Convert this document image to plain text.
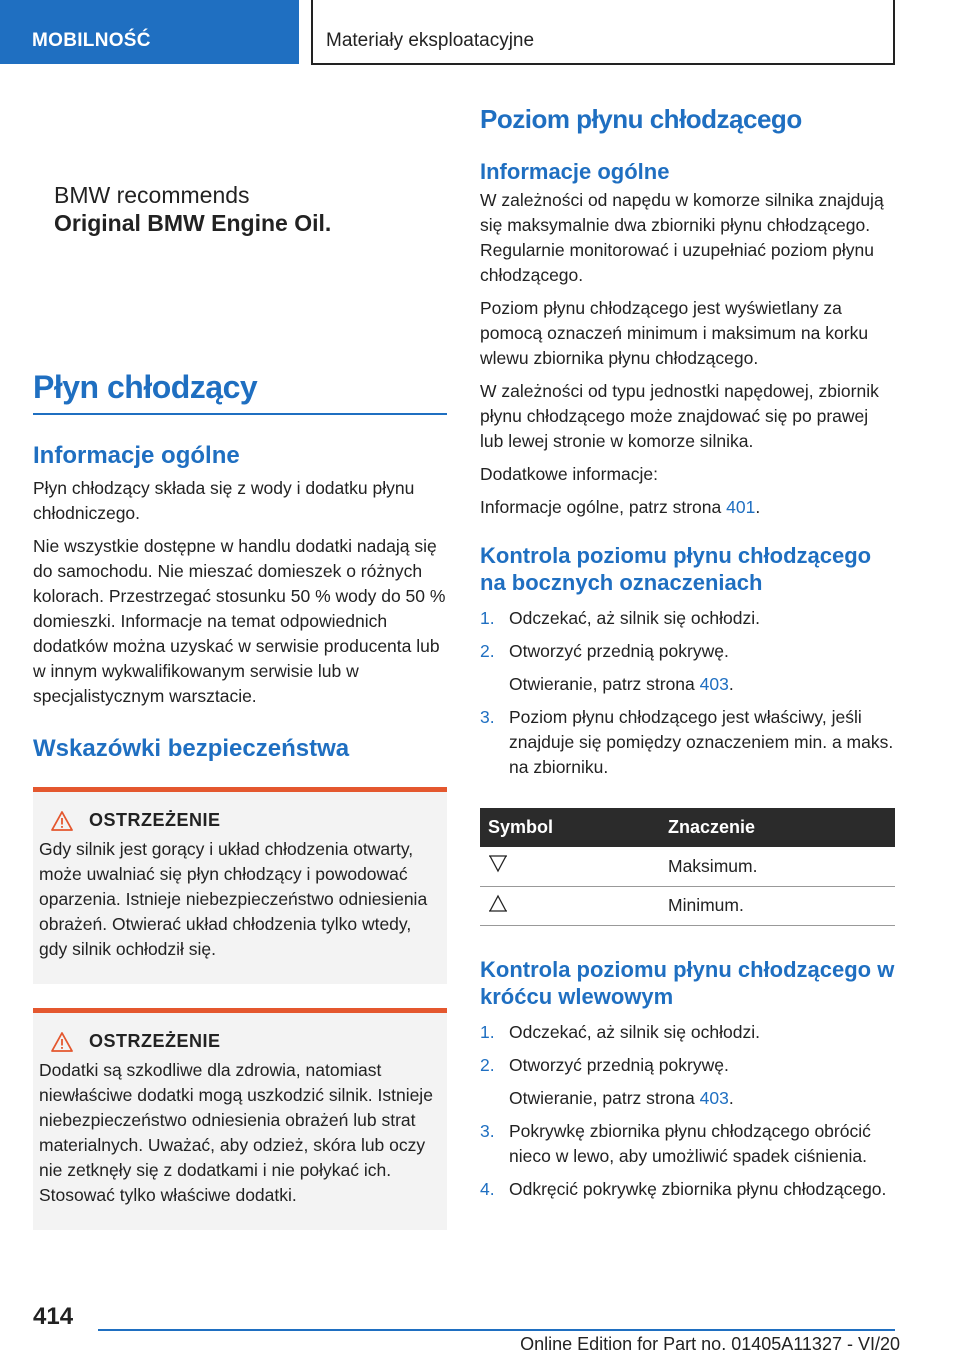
MOBILNOŚĆ	Materiały eksploatacyjne
BMW recommends
Original BMW Engine Oil.
Płyn chłodzący
Informacje ogólne

Płyn chłodzący składa się z wody i dodatku płynu chłodniczego.

Nie wszystkie dostępne w handlu dodatki nadają się do samochodu. Nie mieszać domieszek o różnych kolorach. Przestrzegać stosunku 50 % wody do 50 % domieszki. Informacje na temat odpowiednich dodatków można uzyskać w serwisie producenta lub w innym wykwalifikowanym serwisie lub w specjalistycznym warsztacie.

Wskazówki bezpieczeństwa
OSTRZEŻENIE

Gdy silnik jest gorący i układ chłodzenia otwarty, może uwalniać się płyn chłodzący i powodować oparzenia. Istnieje niebezpieczeństwo odniesienia obrażeń. Otwierać układ chłodzenia tylko wtedy, gdy silnik ochłodził się.

OSTRZEŻENIE

Dodatki są szkodliwe dla zdrowia, natomiast niewłaściwe dodatki mogą uszkodzić silnik. Istnieje niebezpieczeństwo odniesienia obrażeń lub strat materialnych. Uważać, aby odzież, skóra lub oczy nie zetknęły się z dodatkami i nie połykać ich. Stosować tylko właściwe dodatki.

Poziom płynu chłodzącego
Informacje ogólne

W zależności od napędu w komorze silnika znajdują się maksymalnie dwa zbiorniki płynu chłodzącego. Regularnie monitorować i uzupełniać poziom płynu chłodzącego.

Poziom płynu chłodzącego jest wyświetlany za pomocą oznaczeń minimum i maksimum na korku wlewu zbiornika płynu chłodzącego.

W zależności od typu jednostki napędowej, zbiornik płynu chłodzącego może znajdować się po prawej lub lewej stronie w komorze silnika.

Dodatkowe informacje:

Informacje ogólne, patrz strona 401.

Kontrola poziomu płynu chłodzącego na bocznych oznaczeniach
1. Odczekać, aż silnik się ochłodzi.
2. Otworzyć przednią pokrywę.
Otwieranie, patrz strona 403.
3. Poziom płynu chłodzącego jest właściwy, jeśli znajduje się pomiędzy oznaczeniem min. a maks. na zbiorniku.
Symbol	Znaczenie
	Maksimum.
	Minimum.
Kontrola poziomu płynu chłodzącego w króćcu wlewowym
1. Odczekać, aż silnik się ochłodzi.
2. Otworzyć przednią pokrywę.
Otwieranie, patrz strona 403.
3. Pokrywkę zbiornika płynu chłodzącego obrócić nieco w lewo, aby umożliwić spadek ciśnienia.
4. Odkręcić pokrywkę zbiornika płynu chłodzącego.
414
Online Edition for Part no. 01405A11327 - VI/20
